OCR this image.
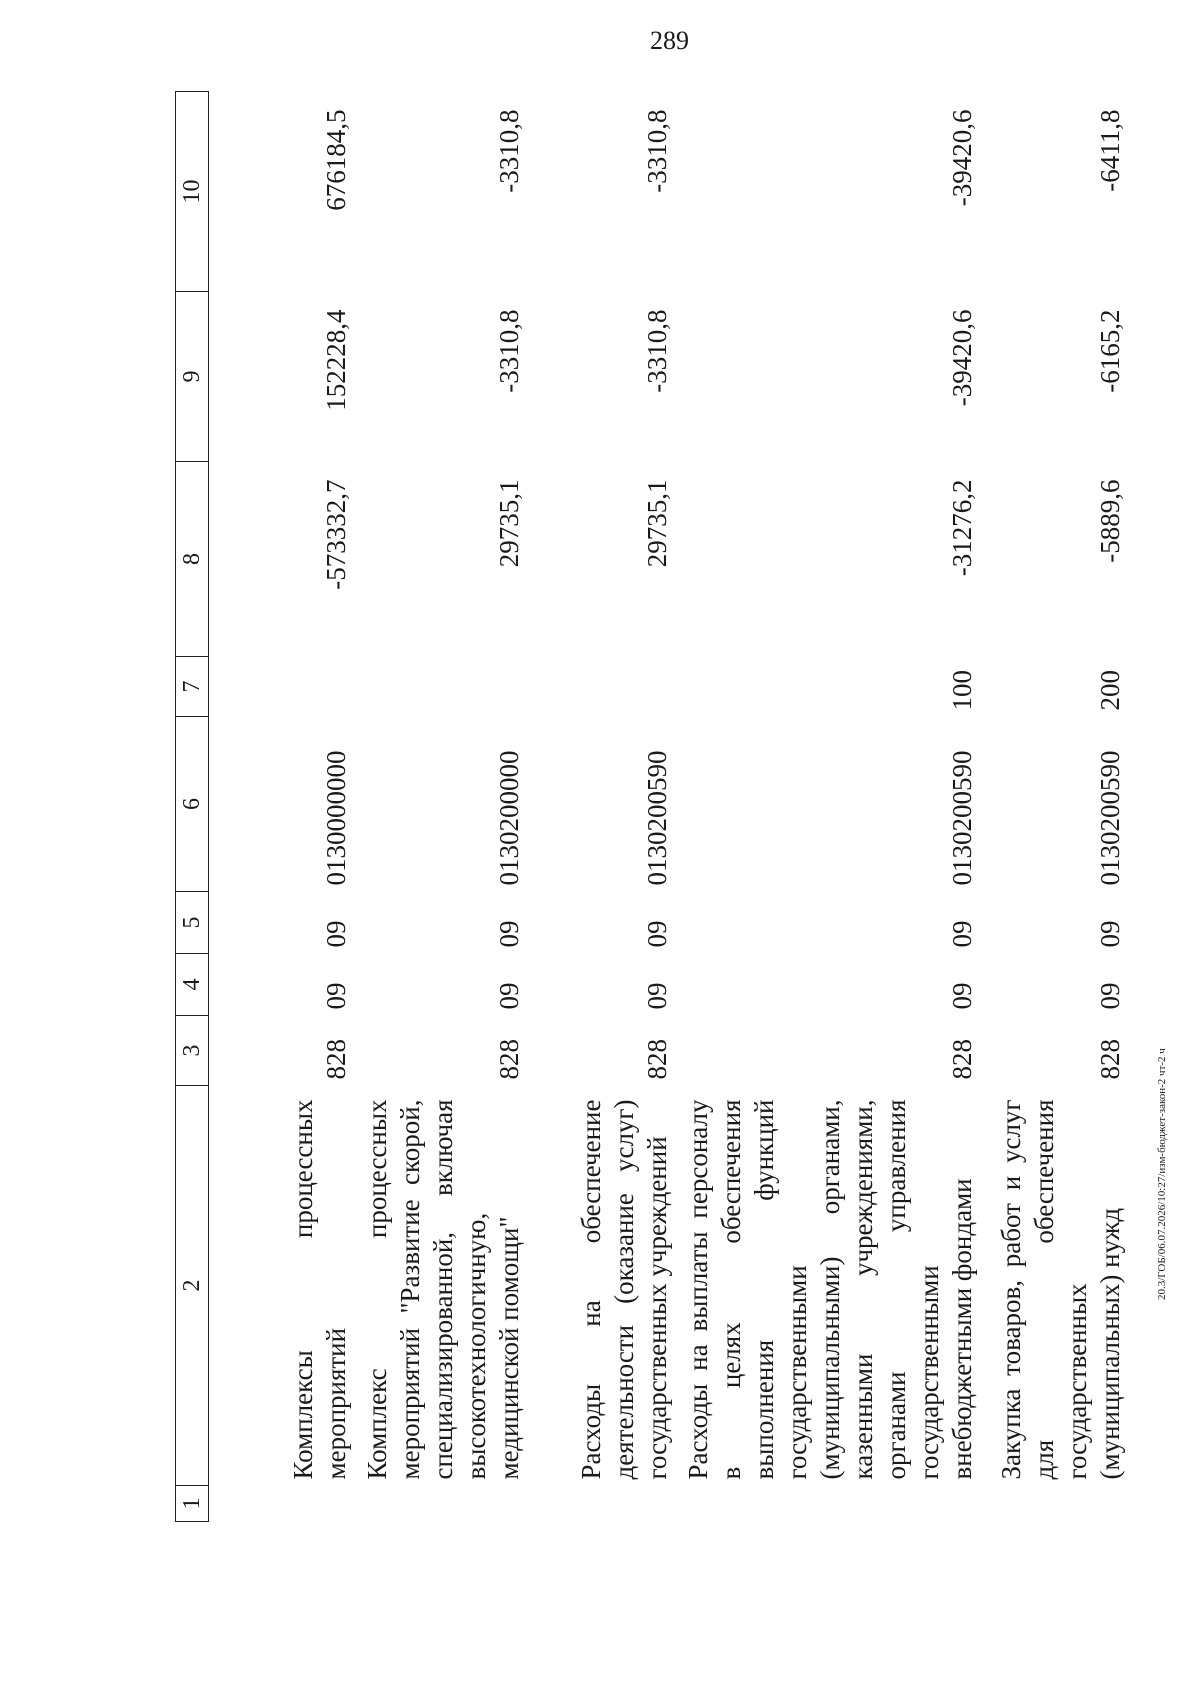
289
1	2	3	4	5	6	7	8	9	10
	Комплексы процессных мероприятий	828	09	09	0130000000		-573332,7	152228,4	676184,5
	Комплекс процессных мероприятий "Развитие скорой, специализированной, включая высокотехнологичную, медицинской помощи"	828	09	09	0130200000		29735,1	-3310,8	-3310,8
	Расходы на обеспечение деятельности (оказание услуг) государственных учреждений	828	09	09	0130200590		29735,1	-3310,8	-3310,8
	Расходы на выплаты персоналу в целях обеспечения выполнения функций государственными (муниципальными) органами, казенными учреждениями, органами управления государственными внебюджетными фондами	828	09	09	0130200590	100	-31276,2	-39420,6	-39420,6
	Закупка товаров, работ и услуг для обеспечения государственных (муниципальных) нужд	828	09	09	0130200590	200	-5889,6	-6165,2	-6411,8
20.3/ГОБ/06.07.2026/10:27/изм-бюджет-закон-2 чт-2 ч
